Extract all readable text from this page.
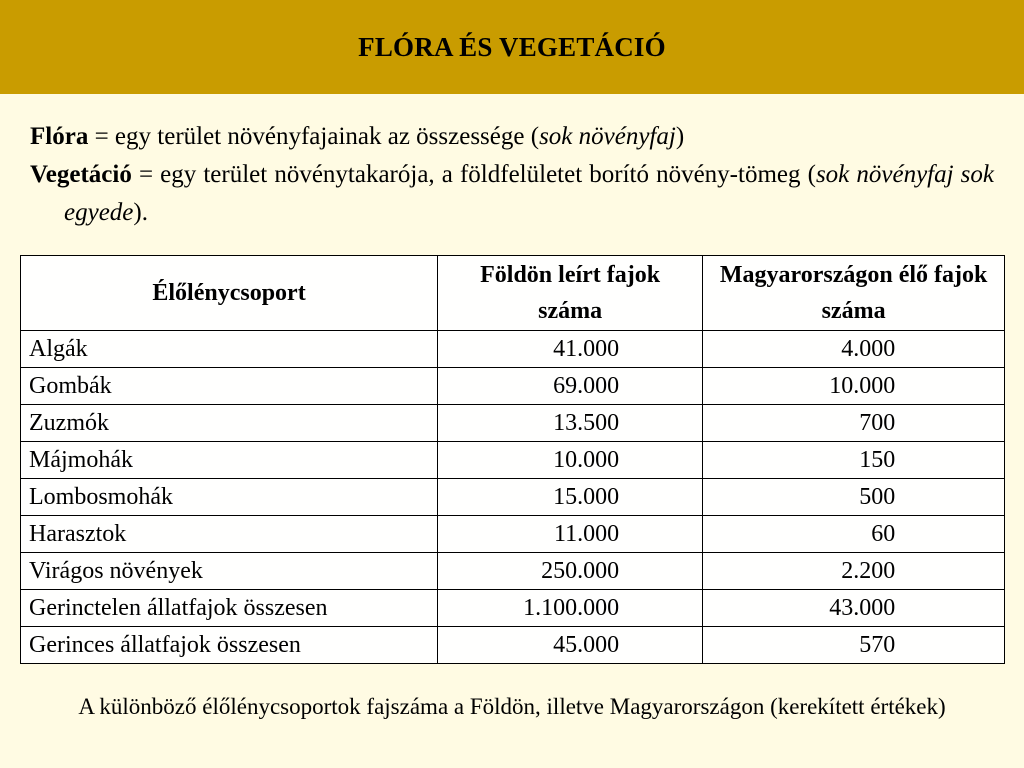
FLÓRA ÉS VEGETÁCIÓ

Flóra = egy terület növényfajainak az összessége (sok növényfaj)

Vegetáció = egy terület növénytakarója, a földfelületet borító növény-tömeg (sok növényfaj sok egyede).

Élőlénycsoport	Földön leírt fajok száma	Magyarországon élő fajok száma
Algák	41.000	4.000
Gombák	69.000	10.000
Zuzmók	13.500	700
Májmohák	10.000	150
Lombosmohák	15.000	500
Harasztok	11.000	60
Virágos növények	250.000	2.200
Gerinctelen állatfajok összesen	1.100.000	43.000
Gerinces állatfajok összesen	45.000	570
A különböző élőlénycsoportok fajszáma a Földön, illetve Magyarországon (kerekített értékek)
